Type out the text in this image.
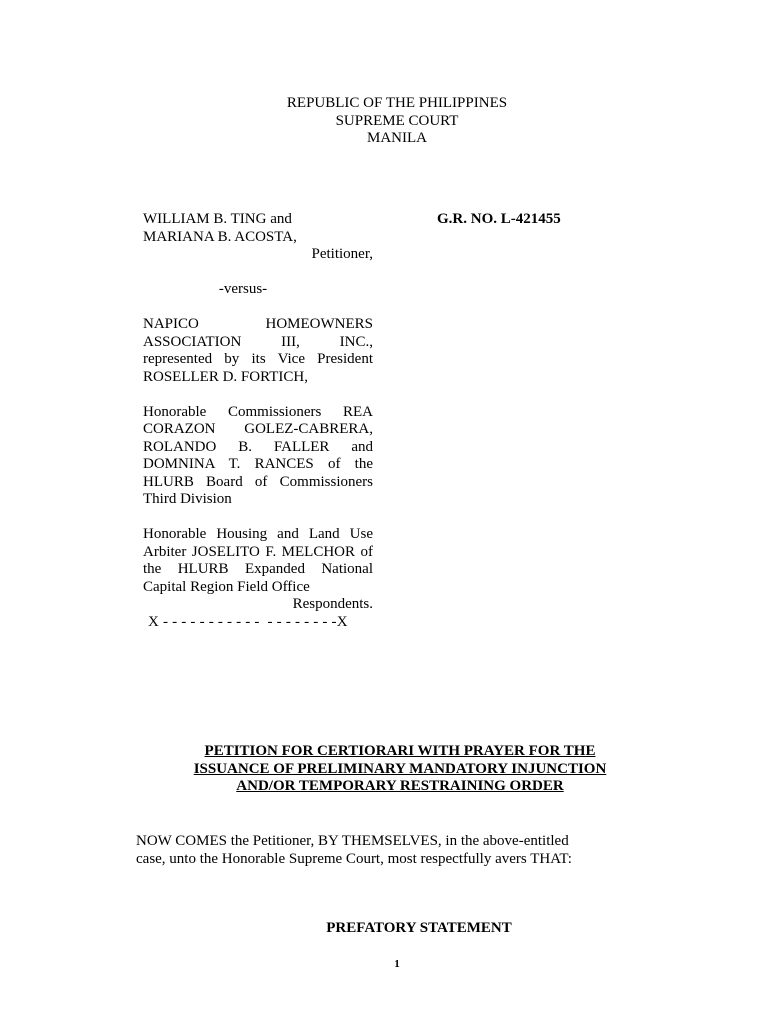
REPUBLIC OF THE PHILIPPINES
SUPREME COURT
MANILA
WILLIAM B. TING and
MARIANA B. ACOSTA,
Petitioner,
-versus-
NAPICO HOMEOWNERS ASSOCIATION III, INC., represented by its Vice President ROSELLER D. FORTICH,
Honorable Commissioners REA CORAZON GOLEZ-CABRERA, ROLANDO B. FALLER and DOMNINA T. RANCES of the HLURB Board of Commissioners Third Division
Honorable Housing and Land Use Arbiter JOSELITO F. MELCHOR of the HLURB Expanded National Capital Region Field Office
Respondents.
X - - - - - - - - - - -  - - - - - - - -X
G.R. NO. L-421455
PETITION FOR CERTIORARI WITH PRAYER FOR THE
ISSUANCE OF PRELIMINARY MANDATORY INJUNCTION
AND/OR TEMPORARY RESTRAINING ORDER
NOW COMES the Petitioner, BY THEMSELVES, in the above-entitled
case, unto the Honorable Supreme Court, most respectfully avers THAT:
PREFATORY STATEMENT
1
